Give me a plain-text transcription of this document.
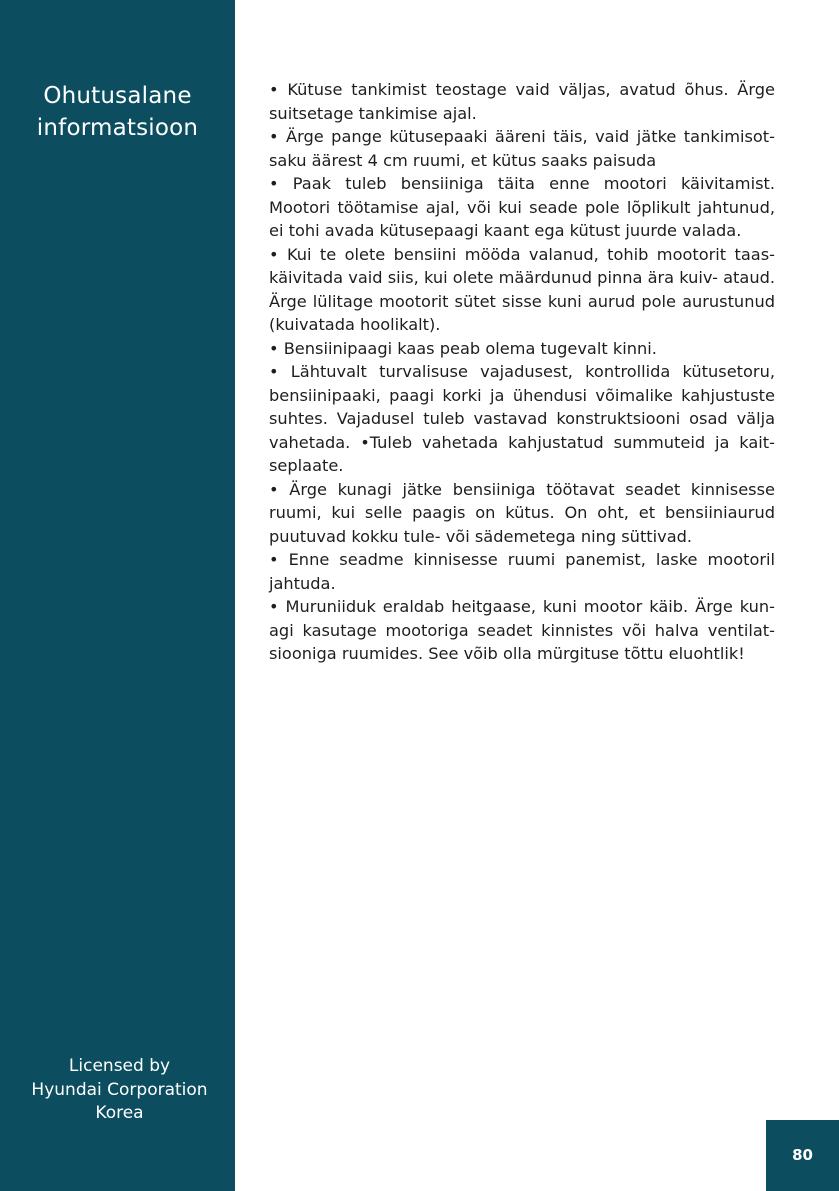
Ohutusalane
informatsioon
Licensed by
Hyundai Corporation
Korea

• Kütuse tankimist teostage vaid väljas, avatud õhus. Ärge suitsetage tankimise ajal.

• Ärge pange kütusepaaki ääreni täis, vaid jätke tankimisot- saku äärest 4 cm ruumi, et kütus saaks paisuda

• Paak tuleb bensiiniga täita enne mootori käivitamist. Mootori töötamise ajal, või kui seade pole lõplikult jahtunud, ei tohi avada kütusepaagi kaant ega kütust juurde valada.

• Kui te olete bensiini mööda valanud, tohib mootorit taas- käivitada vaid siis, kui olete määrdunud pinna ära kuiv- ataud. Ärge lülitage mootorit sütet sisse kuni aurud pole aurustunud (kuivatada hoolikalt).

• Bensiinipaagi kaas peab olema tugevalt kinni.

• Lähtuvalt turvalisuse vajadusest, kontrollida kütusetoru, bensiinipaaki, paagi korki ja ühendusi võimalike kahjustuste suhtes. Vajadusel tuleb vastavad konstruktsiooni osad välja vahetada. •Tuleb vahetada kahjustatud summuteid ja kait- seplaate.

• Ärge kunagi jätke bensiiniga töötavat seadet kinnisesse ruumi, kui selle paagis on kütus. On oht, et bensiiniaurud puutuvad kokku tule- või sädemetega ning süttivad.

• Enne seadme kinnisesse ruumi panemist, laske mootoril jahtuda.

• Muruniiduk eraldab heitgaase, kuni mootor käib. Ärge kun- agi kasutage mootoriga seadet kinnistes või halva ventilat- siooniga ruumides. See võib olla mürgituse tõttu eluohtlik!

80
